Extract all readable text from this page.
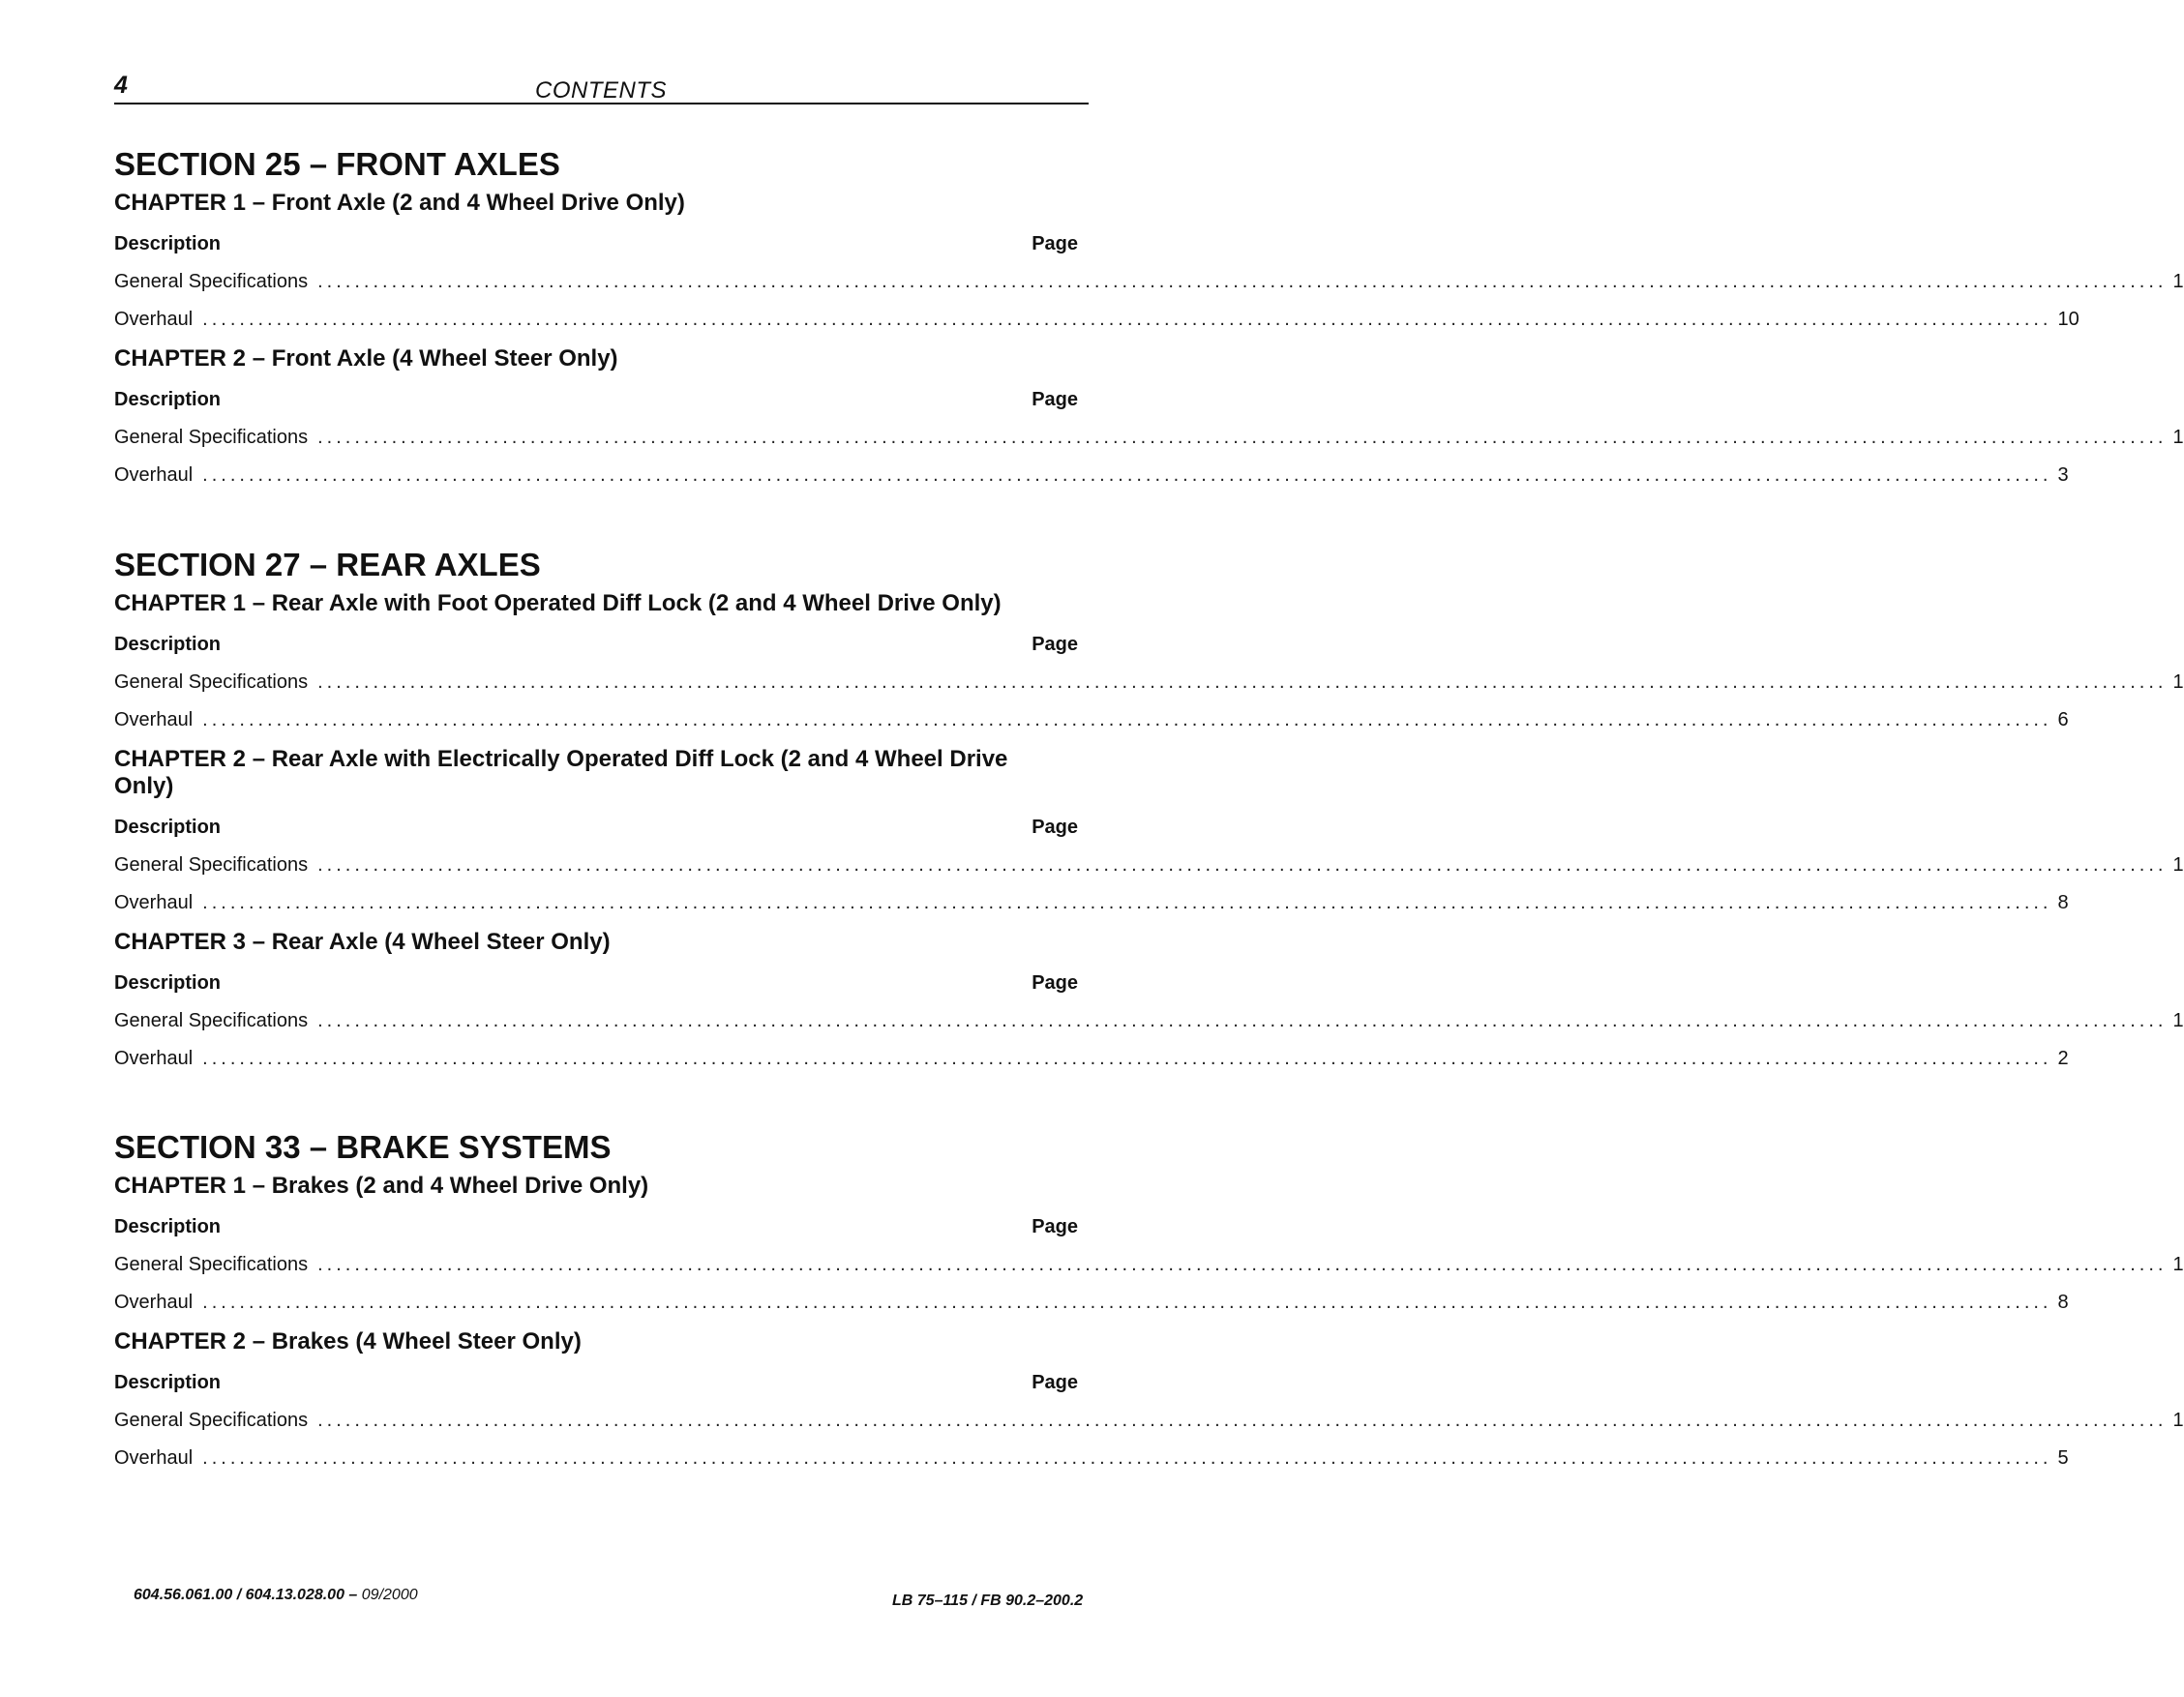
4	CONTENTS
SECTION 25 – FRONT AXLES
CHAPTER 1 – Front Axle (2 and 4 Wheel Drive Only)
Description	Page
General Specifications ........................................................................................................................................................................................................ 1
Overhaul ........................................................................................................................................................................................................ 10
CHAPTER 2 – Front Axle (4 Wheel Steer Only)
Description	Page
General Specifications ........................................................................................................................................................................................................ 1
Overhaul ........................................................................................................................................................................................................ 3
SECTION 27 – REAR AXLES
CHAPTER 1 – Rear Axle with Foot Operated Diff Lock (2 and 4 Wheel Drive Only)
Description	Page
General Specifications ........................................................................................................................................................................................................ 1
Overhaul ........................................................................................................................................................................................................ 6
CHAPTER 2 – Rear Axle with Electrically Operated Diff Lock (2 and 4 Wheel Drive Only)
Description	Page
General Specifications ........................................................................................................................................................................................................ 1
Overhaul ........................................................................................................................................................................................................ 8
CHAPTER 3 – Rear Axle (4 Wheel Steer Only)
Description	Page
General Specifications ........................................................................................................................................................................................................ 1
Overhaul ........................................................................................................................................................................................................ 2
SECTION 33 – BRAKE SYSTEMS
CHAPTER 1 – Brakes (2 and 4 Wheel Drive Only)
Description	Page
General Specifications ........................................................................................................................................................................................................ 1
Overhaul ........................................................................................................................................................................................................ 8
CHAPTER 2 – Brakes (4 Wheel Steer Only)
Description	Page
General Specifications ........................................................................................................................................................................................................ 1
Overhaul ........................................................................................................................................................................................................ 5
604.56.061.00 / 604.13.028.00 – 09/2000	LB 75–115 / FB 90.2–200.2
